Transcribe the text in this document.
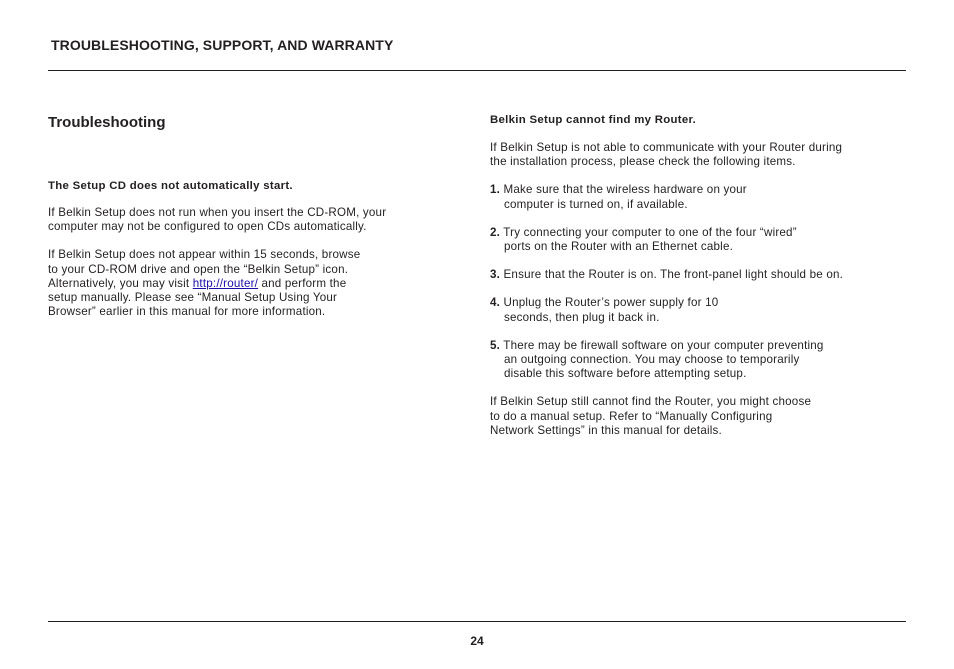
TROUBLESHOOTING, SUPPORT, AND WARRANTY
Troubleshooting
The Setup CD does not automatically start.

If Belkin Setup does not run when you insert the CD-ROM, your
computer may not be configured to open CDs automatically.

If Belkin Setup does not appear within 15 seconds, browse
to your CD-ROM drive and open the “Belkin Setup” icon.
Alternatively, you may visit http://router/ and perform the
setup manually. Please see “Manual Setup Using Your
Browser” earlier in this manual for more information.

Belkin Setup cannot find my Router.

If Belkin Setup is not able to communicate with your Router during
the installation process, please check the following items.

1. Make sure that the wireless hardware on your
computer is turned on, if available.
2. Try connecting your computer to one of the four “wired”
ports on the Router with an Ethernet cable.
3. Ensure that the Router is on. The front-panel light should be on.
4. Unplug the Router’s power supply for 10
seconds, then plug it back in.
5. There may be firewall software on your computer preventing
an outgoing connection. You may choose to temporarily
disable this software before attempting setup.

If Belkin Setup still cannot find the Router, you might choose
to do a manual setup. Refer to “Manually Configuring
Network Settings” in this manual for details.

24
